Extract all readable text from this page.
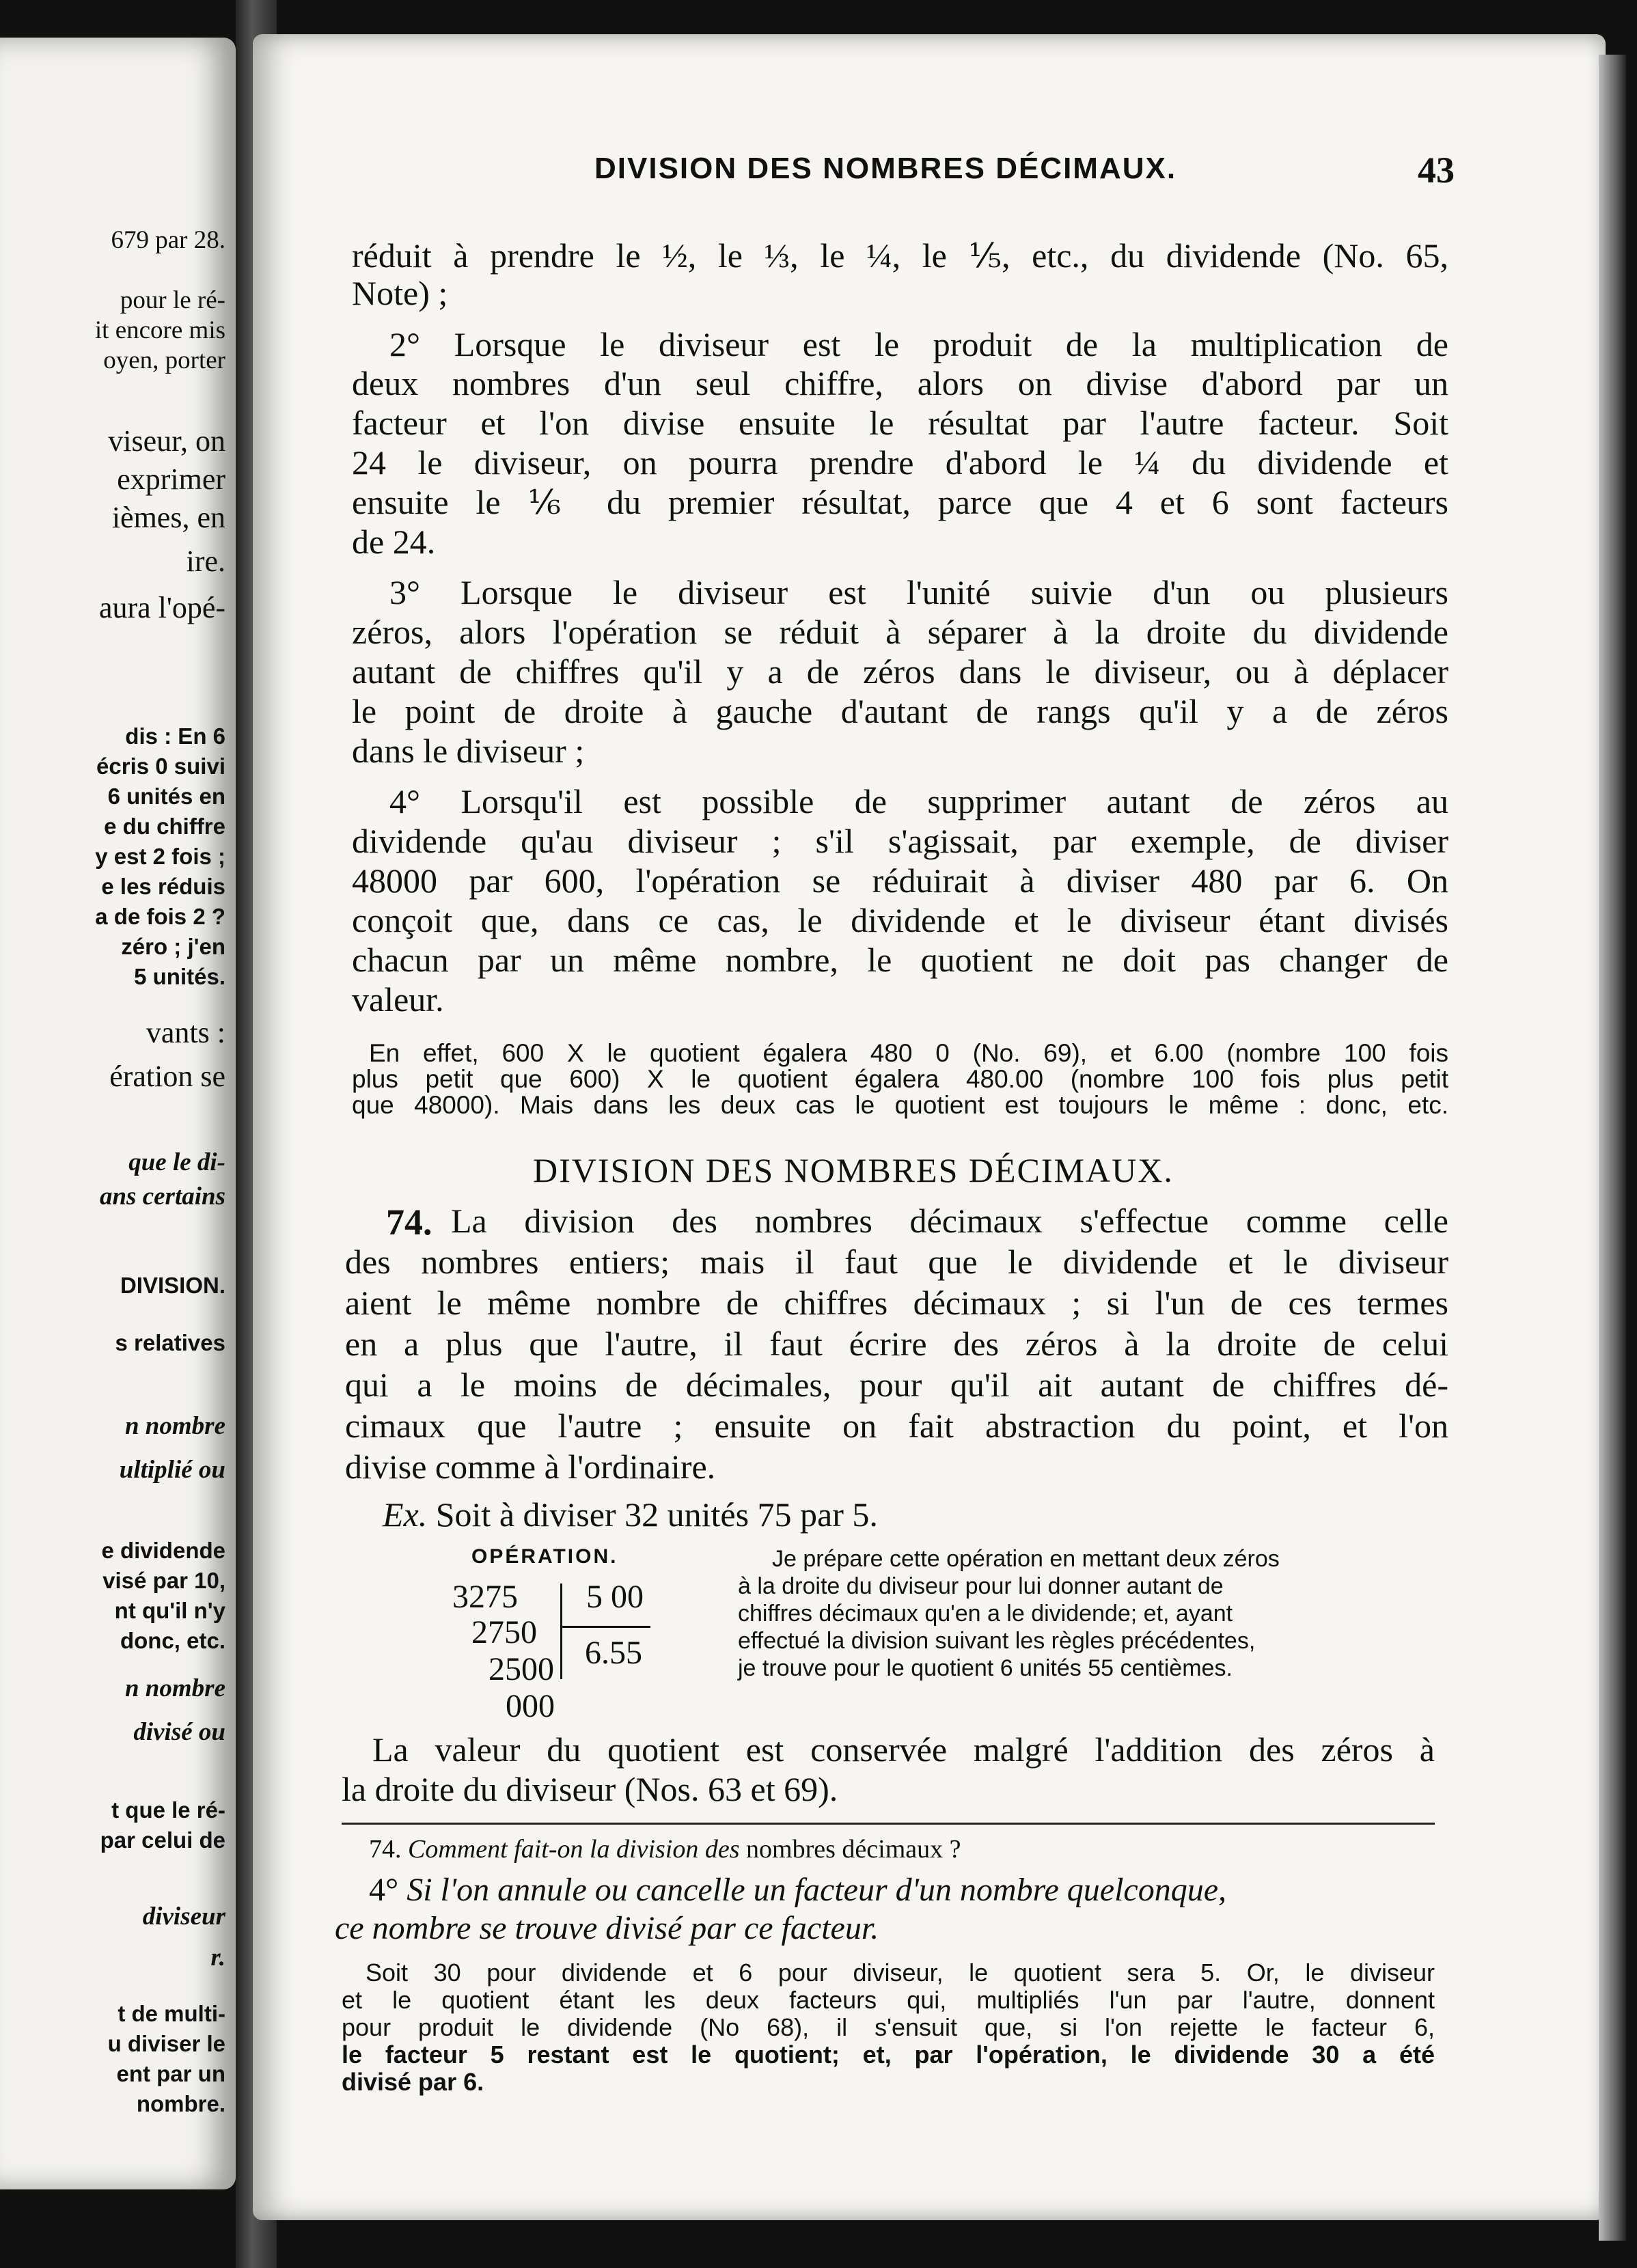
679 par 28.
pour le ré-
it encore mis
oyen, porter
viseur, on
exprimer
ièmes, en
ire.
aura l'opé-
dis : En 6
écris 0 suivi
6 unités en
e du chiffre
y est 2 fois ;
e les réduis
a de fois 2 ?
zéro ; j'en
5 unités.
vants :
ération se
que le di-
ans certains
DIVISION.
s relatives
n nombre
ultiplié ou
e dividende
visé par 10,
nt qu'il n'y
donc, etc.
n nombre
divisé ou
t que le ré-
par celui de
diviseur
r.
t de multi-
u diviser le
ent par un
nombre.
DIVISION DES NOMBRES DÉCIMAUX.	43
réduit à prendre le ½, le ⅓, le ¼, le ⅕, etc., du dividende (No. 65,
Note) ;
2° Lorsque le diviseur est le produit de la multiplication de
deux nombres d'un seul chiffre, alors on divise d'abord par un
facteur et l'on divise ensuite le résultat par l'autre facteur. Soit
24 le diviseur, on pourra prendre d'abord le ¼ du dividende et
ensuite le ⅙ du premier résultat, parce que 4 et 6 sont facteurs
de 24.
3° Lorsque le diviseur est l'unité suivie d'un ou plusieurs
zéros, alors l'opération se réduit à séparer à la droite du dividende
autant de chiffres qu'il y a de zéros dans le diviseur, ou à déplacer
le point de droite à gauche d'autant de rangs qu'il y a de zéros
dans le diviseur ;
4° Lorsqu'il est possible de supprimer autant de zéros au
dividende qu'au diviseur ; s'il s'agissait, par exemple, de diviser
48000 par 600, l'opération se réduirait à diviser 480 par 6. On
conçoit que, dans ce cas, le dividende et le diviseur étant divisés
chacun par un même nombre, le quotient ne doit pas changer de
valeur.
En effet, 600 X le quotient égalera 480 0 (No. 69), et 6.00 (nombre 100 fois
plus petit que 600) X le quotient égalera 480.00 (nombre 100 fois plus petit
que 48000). Mais dans les deux cas le quotient est toujours le même : donc, etc.
DIVISION DES NOMBRES DÉCIMAUX.
74. La division des nombres décimaux s'effectue comme celle
des nombres entiers; mais il faut que le dividende et le diviseur
aient le même nombre de chiffres décimaux ; si l'un de ces termes
en a plus que l'autre, il faut écrire des zéros à la droite de celui
qui a le moins de décimales, pour qu'il ait autant de chiffres dé-
cimaux que l'autre ; ensuite on fait abstraction du point, et l'on
divise comme à l'ordinaire.
Ex. Soit à diviser 32 unités 75 par 5.
OPÉRATION.
3275
2750
2500
000
5 00
6.55
Je prépare cette opération en mettant deux zéros
à la droite du diviseur pour lui donner autant de
chiffres décimaux qu'en a le dividende; et, ayant
effectué la division suivant les règles précédentes,
je trouve pour le quotient 6 unités 55 centièmes.
La valeur du quotient est conservée malgré l'addition des zéros à
la droite du diviseur (Nos. 63 et 69).
74. Comment fait-on la division des nombres décimaux ?
4° Si l'on annule ou cancelle un facteur d'un nombre quelconque,
ce nombre se trouve divisé par ce facteur.
Soit 30 pour dividende et 6 pour diviseur, le quotient sera 5. Or, le diviseur
et le quotient étant les deux facteurs qui, multipliés l'un par l'autre, donnent
pour produit le dividende (No 68), il s'ensuit que, si l'on rejette le facteur 6,
le facteur 5 restant est le quotient; et, par l'opération, le dividende 30 a été
divisé par 6.
